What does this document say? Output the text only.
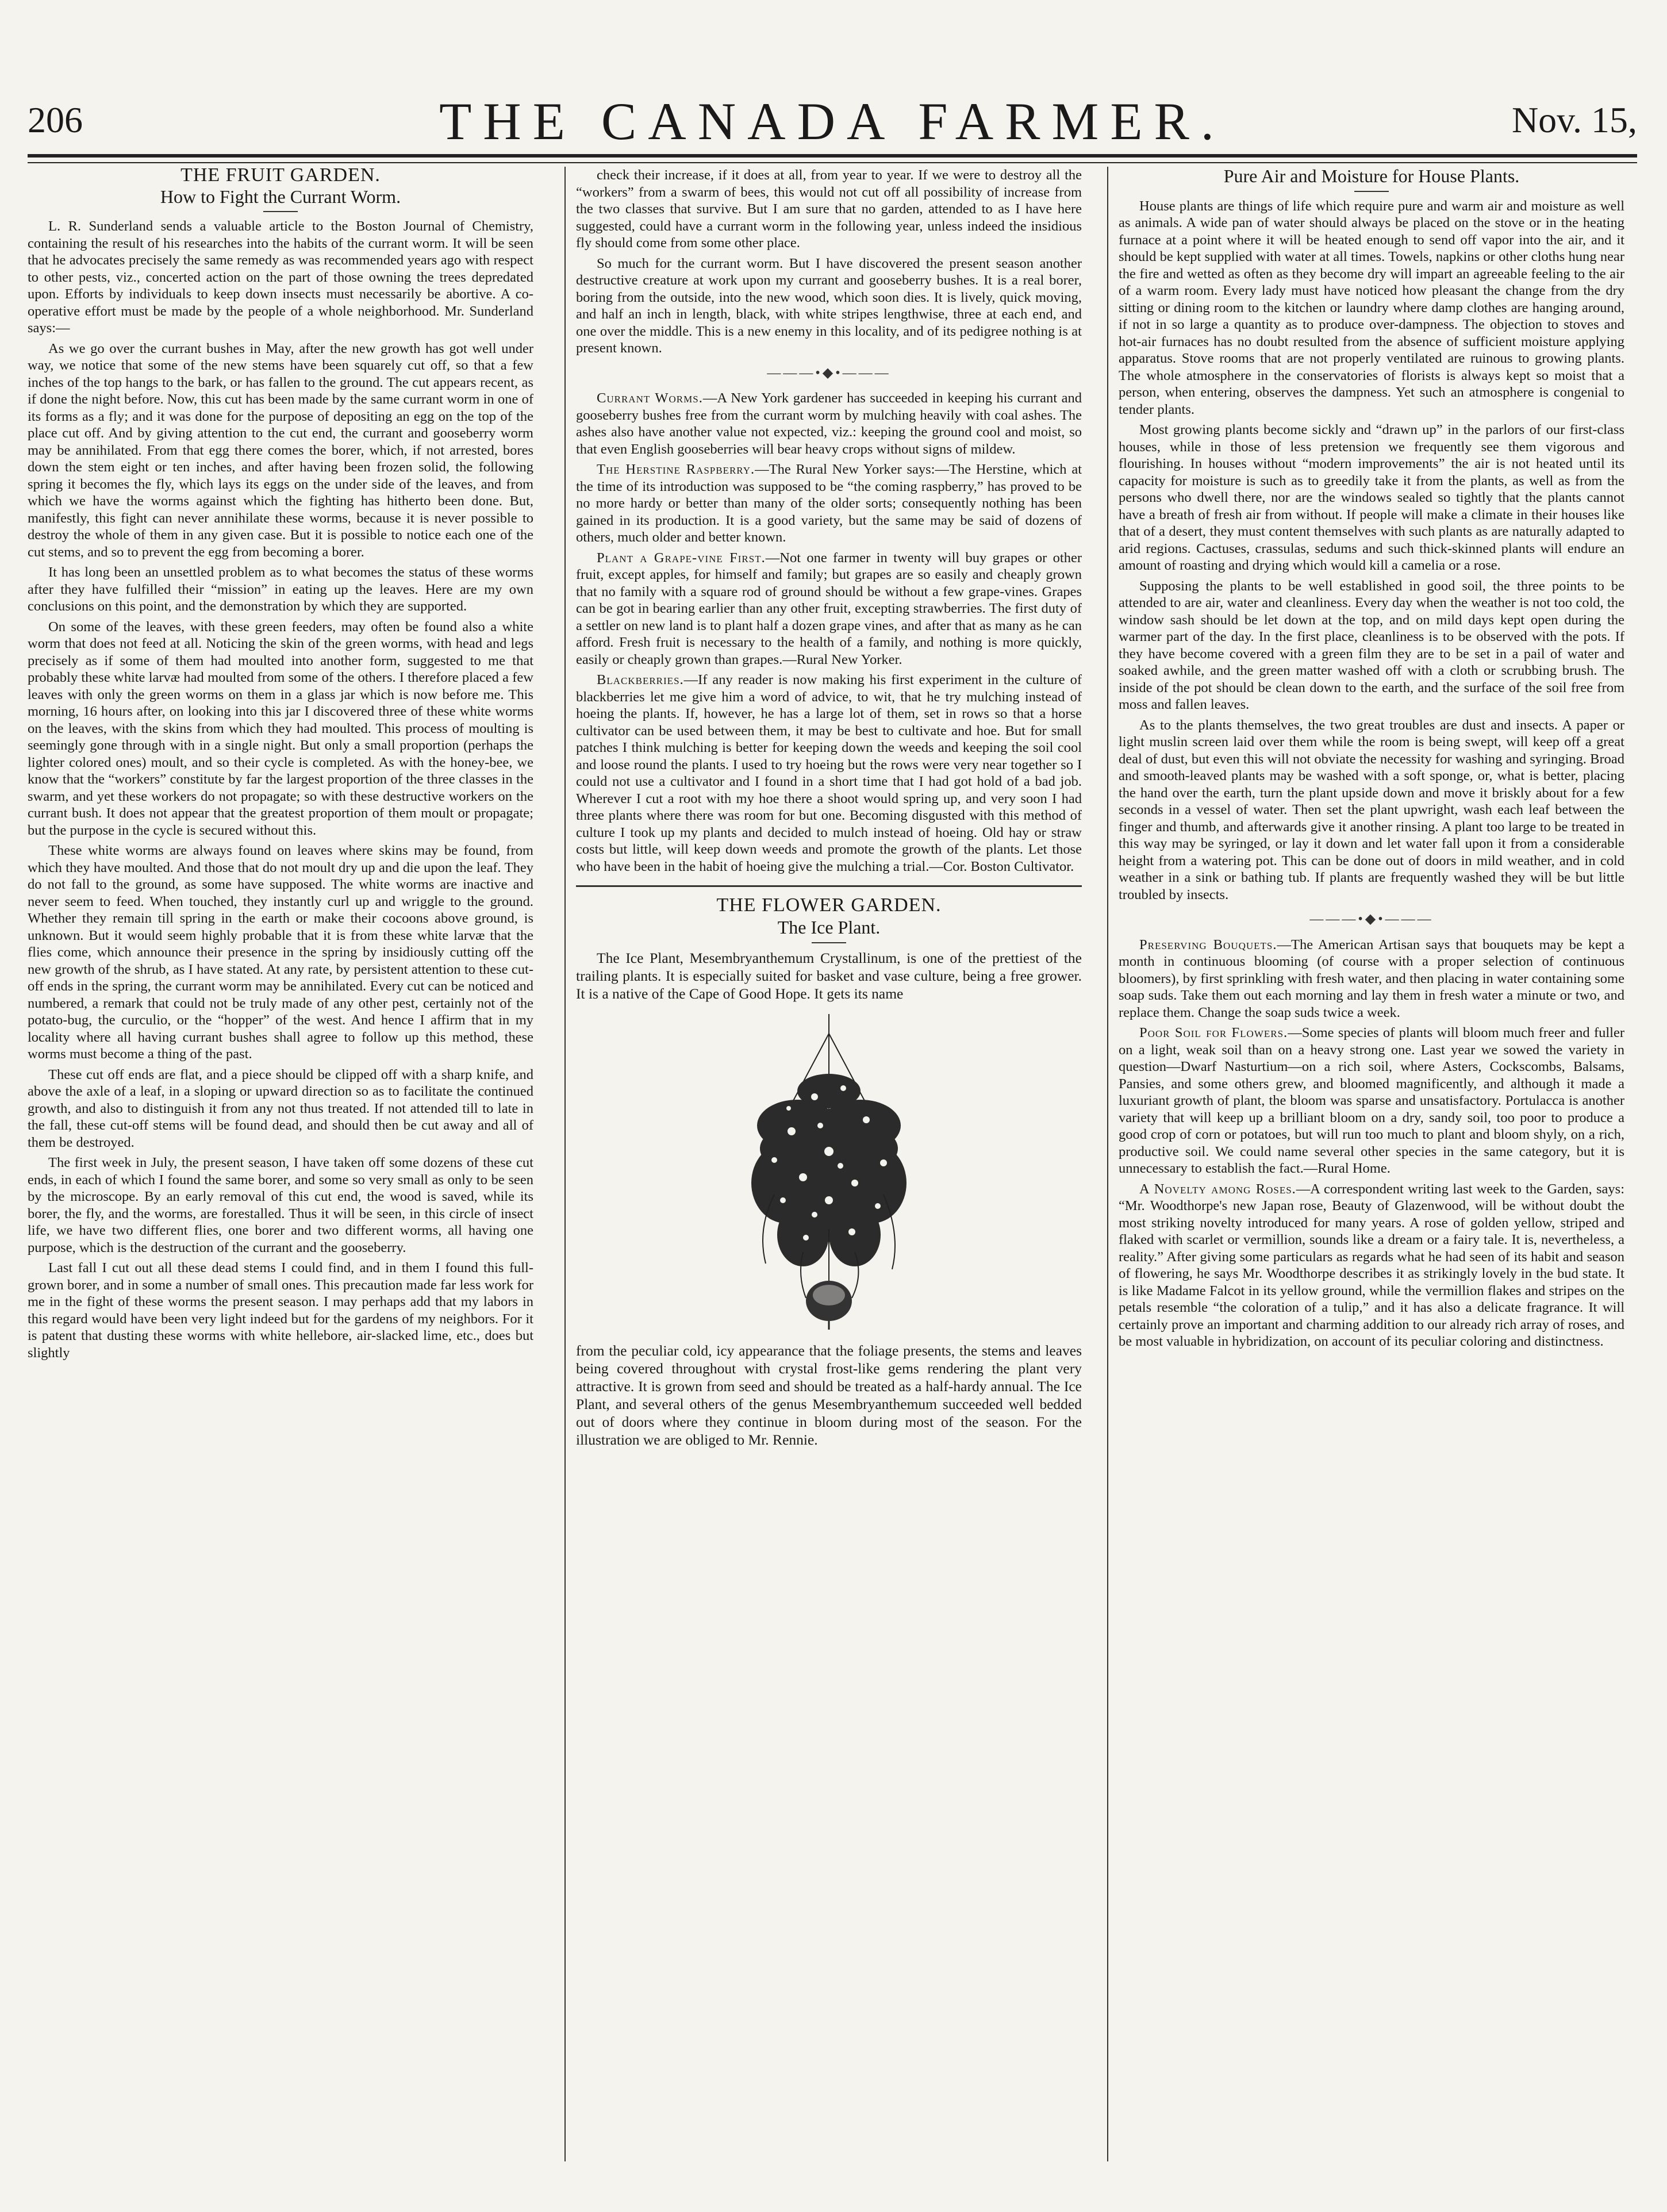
206	THE CANADA FARMER.	Nov. 15,
THE FRUIT GARDEN.
How to Fight the Currant Worm.

L. R. Sunderland sends a valuable article to the Boston Journal of Chemistry, containing the result of his researches into the habits of the currant worm. It will be seen that he advocates precisely the same remedy as was recommended years ago with respect to other pests, viz., concerted action on the part of those owning the trees depredated upon. Efforts by individuals to keep down insects must necessarily be abortive. A co-operative effort must be made by the people of a whole neighborhood. Mr. Sunderland says:—

As we go over the currant bushes in May, after the new growth has got well under way, we notice that some of the new stems have been squarely cut off, so that a few inches of the top hangs to the bark, or has fallen to the ground. The cut appears recent, as if done the night before. Now, this cut has been made by the same currant worm in one of its forms as a fly; and it was done for the purpose of depositing an egg on the top of the place cut off. And by giving attention to the cut end, the currant and gooseberry worm may be annihilated. From that egg there comes the borer, which, if not arrested, bores down the stem eight or ten inches, and after having been frozen solid, the following spring it becomes the fly, which lays its eggs on the under side of the leaves, and from which we have the worms against which the fighting has hitherto been done. But, manifestly, this fight can never annihilate these worms, because it is never possible to destroy the whole of them in any given case. But it is possible to notice each one of the cut stems, and so to prevent the egg from becoming a borer.

It has long been an unsettled problem as to what becomes the status of these worms after they have fulfilled their “mission” in eating up the leaves. Here are my own conclusions on this point, and the demonstration by which they are supported.

On some of the leaves, with these green feeders, may often be found also a white worm that does not feed at all. Noticing the skin of the green worms, with head and legs precisely as if some of them had moulted into another form, suggested to me that probably these white larvæ had moulted from some of the others. I therefore placed a few leaves with only the green worms on them in a glass jar which is now before me. This morning, 16 hours after, on looking into this jar I discovered three of these white worms on the leaves, with the skins from which they had moulted. This process of moulting is seemingly gone through with in a single night. But only a small proportion (perhaps the lighter colored ones) moult, and so their cycle is completed. As with the honey-bee, we know that the “workers” constitute by far the largest proportion of the three classes in the swarm, and yet these workers do not propagate; so with these destructive workers on the currant bush. It does not appear that the greatest proportion of them moult or propagate; but the purpose in the cycle is secured without this.

These white worms are always found on leaves where skins may be found, from which they have moulted. And those that do not moult dry up and die upon the leaf. They do not fall to the ground, as some have supposed. The white worms are inactive and never seem to feed. When touched, they instantly curl up and wriggle to the ground. Whether they remain till spring in the earth or make their cocoons above ground, is unknown. But it would seem highly probable that it is from these white larvæ that the flies come, which announce their presence in the spring by insidiously cutting off the new growth of the shrub, as I have stated. At any rate, by persistent attention to these cut-off ends in the spring, the currant worm may be annihilated. Every cut can be noticed and numbered, a remark that could not be truly made of any other pest, certainly not of the potato-bug, the curculio, or the “hopper” of the west. And hence I affirm that in my locality where all having currant bushes shall agree to follow up this method, these worms must become a thing of the past.

These cut off ends are flat, and a piece should be clipped off with a sharp knife, and above the axle of a leaf, in a sloping or upward direction so as to facilitate the continued growth, and also to distinguish it from any not thus treated. If not attended till to late in the fall, these cut-off stems will be found dead, and should then be cut away and all of them be destroyed.

The first week in July, the present season, I have taken off some dozens of these cut ends, in each of which I found the same borer, and some so very small as only to be seen by the microscope. By an early removal of this cut end, the wood is saved, while its borer, the fly, and the worms, are forestalled. Thus it will be seen, in this circle of insect life, we have two different flies, one borer and two different worms, all having one purpose, which is the destruction of the currant and the gooseberry.

Last fall I cut out all these dead stems I could find, and in them I found this full-grown borer, and in some a number of small ones. This precaution made far less work for me in the fight of these worms the present season. I may perhaps add that my labors in this regard would have been very light indeed but for the gardens of my neighbors. For it is patent that dusting these worms with white hellebore, air-slacked lime, etc., does but slightly

check their increase, if it does at all, from year to year. If we were to destroy all the “workers” from a swarm of bees, this would not cut off all possibility of increase from the two classes that survive. But I am sure that no garden, attended to as I have here suggested, could have a currant worm in the following year, unless indeed the insidious fly should come from some other place.

So much for the currant worm. But I have discovered the present season another destructive creature at work upon my currant and gooseberry bushes. It is a real borer, boring from the outside, into the new wood, which soon dies. It is lively, quick moving, and half an inch in length, black, with white stripes lengthwise, three at each end, and one over the middle. This is a new enemy in this locality, and of its pedigree nothing is at present known.

———•◆•———

Currant Worms.—A New York gardener has succeeded in keeping his currant and gooseberry bushes free from the currant worm by mulching heavily with coal ashes. The ashes also have another value not expected, viz.: keeping the ground cool and moist, so that even English gooseberries will bear heavy crops without signs of mildew.

The Herstine Raspberry.—The Rural New Yorker says:—The Herstine, which at the time of its introduction was supposed to be “the coming raspberry,” has proved to be no more hardy or better than many of the older sorts; consequently nothing has been gained in its production. It is a good variety, but the same may be said of dozens of others, much older and better known.

Plant a Grape-vine First.—Not one farmer in twenty will buy grapes or other fruit, except apples, for himself and family; but grapes are so easily and cheaply grown that no family with a square rod of ground should be without a few grape-vines. Grapes can be got in bearing earlier than any other fruit, excepting strawberries. The first duty of a settler on new land is to plant half a dozen grape vines, and after that as many as he can afford. Fresh fruit is necessary to the health of a family, and nothing is more quickly, easily or cheaply grown than grapes.—Rural New Yorker.

Blackberries.—If any reader is now making his first experiment in the culture of blackberries let me give him a word of advice, to wit, that he try mulching instead of hoeing the plants. If, however, he has a large lot of them, set in rows so that a horse cultivator can be used between them, it may be best to cultivate and hoe. But for small patches I think mulching is better for keeping down the weeds and keeping the soil cool and loose round the plants. I used to try hoeing but the rows were very near together so I could not use a cultivator and I found in a short time that I had got hold of a bad job. Wherever I cut a root with my hoe there a shoot would spring up, and very soon I had three plants where there was room for but one. Becoming disgusted with this method of culture I took up my plants and decided to mulch instead of hoeing. Old hay or straw costs but little, will keep down weeds and promote the growth of the plants. Let those who have been in the habit of hoeing give the mulching a trial.—Cor. Boston Cultivator.

THE FLOWER GARDEN.
The Ice Plant.

The Ice Plant, Mesembryanthemum Crystallinum, is one of the prettiest of the trailing plants. It is especially suited for basket and vase culture, being a free grower. It is a native of the Cape of Good Hope. It gets its name

from the peculiar cold, icy appearance that the foliage presents, the stems and leaves being covered throughout with crystal frost-like gems rendering the plant very attractive. It is grown from seed and should be treated as a half-hardy annual. The Ice Plant, and several others of the genus Mesembryanthemum succeeded well bedded out of doors where they continue in bloom during most of the season. For the illustration we are obliged to Mr. Rennie.

Pure Air and Moisture for House Plants.

House plants are things of life which require pure and warm air and moisture as well as animals. A wide pan of water should always be placed on the stove or in the heating furnace at a point where it will be heated enough to send off vapor into the air, and it should be kept supplied with water at all times. Towels, napkins or other cloths hung near the fire and wetted as often as they become dry will impart an agreeable feeling to the air of a warm room. Every lady must have noticed how pleasant the change from the dry sitting or dining room to the kitchen or laundry where damp clothes are hanging around, if not in so large a quantity as to produce over-dampness. The objection to stoves and hot-air furnaces has no doubt resulted from the absence of sufficient moisture applying apparatus. Stove rooms that are not properly ventilated are ruinous to growing plants. The whole atmosphere in the conservatories of florists is always kept so moist that a person, when entering, observes the dampness. Yet such an atmosphere is congenial to tender plants.

Most growing plants become sickly and “drawn up” in the parlors of our first-class houses, while in those of less pretension we frequently see them vigorous and flourishing. In houses without “modern improvements” the air is not heated until its capacity for moisture is such as to greedily take it from the plants, as well as from the persons who dwell there, nor are the windows sealed so tightly that the plants cannot have a breath of fresh air from without. If people will make a climate in their houses like that of a desert, they must content themselves with such plants as are naturally adapted to arid regions. Cactuses, crassulas, sedums and such thick-skinned plants will endure an amount of roasting and drying which would kill a camelia or a rose.

Supposing the plants to be well established in good soil, the three points to be attended to are air, water and cleanliness. Every day when the weather is not too cold, the window sash should be let down at the top, and on mild days kept open during the warmer part of the day. In the first place, cleanliness is to be observed with the pots. If they have become covered with a green film they are to be set in a pail of water and soaked awhile, and the green matter washed off with a cloth or scrubbing brush. The inside of the pot should be clean down to the earth, and the surface of the soil free from moss and fallen leaves.

As to the plants themselves, the two great troubles are dust and insects. A paper or light muslin screen laid over them while the room is being swept, will keep off a great deal of dust, but even this will not obviate the necessity for washing and syringing. Broad and smooth-leaved plants may be washed with a soft sponge, or, what is better, placing the hand over the earth, turn the plant upside down and move it briskly about for a few seconds in a vessel of water. Then set the plant upwright, wash each leaf between the finger and thumb, and afterwards give it another rinsing. A plant too large to be treated in this way may be syringed, or lay it down and let water fall upon it from a considerable height from a watering pot. This can be done out of doors in mild weather, and in cold weather in a sink or bathing tub. If plants are frequently washed they will be but little troubled by insects.

———•◆•———

Preserving Bouquets.—The American Artisan says that bouquets may be kept a month in continuous blooming (of course with a proper selection of continuous bloomers), by first sprinkling with fresh water, and then placing in water containing some soap suds. Take them out each morning and lay them in fresh water a minute or two, and replace them. Change the soap suds twice a week.

Poor Soil for Flowers.—Some species of plants will bloom much freer and fuller on a light, weak soil than on a heavy strong one. Last year we sowed the variety in question—Dwarf Nasturtium—on a rich soil, where Asters, Cockscombs, Balsams, Pansies, and some others grew, and bloomed magnificently, and although it made a luxuriant growth of plant, the bloom was sparse and unsatisfactory. Portulacca is another variety that will keep up a brilliant bloom on a dry, sandy soil, too poor to produce a good crop of corn or potatoes, but will run too much to plant and bloom shyly, on a rich, productive soil. We could name several other species in the same category, but it is unnecessary to establish the fact.—Rural Home.

A Novelty among Roses.—A correspondent writing last week to the Garden, says: “Mr. Woodthorpe's new Japan rose, Beauty of Glazenwood, will be without doubt the most striking novelty introduced for many years. A rose of golden yellow, striped and flaked with scarlet or vermillion, sounds like a dream or a fairy tale. It is, nevertheless, a reality.” After giving some particulars as regards what he had seen of its habit and season of flowering, he says Mr. Woodthorpe describes it as strikingly lovely in the bud state. It is like Madame Falcot in its yellow ground, while the vermillion flakes and stripes on the petals resemble “the coloration of a tulip,” and it has also a delicate fragrance. It will certainly prove an important and charming addition to our already rich array of roses, and be most valuable in hybridization, on account of its peculiar coloring and distinctness.
